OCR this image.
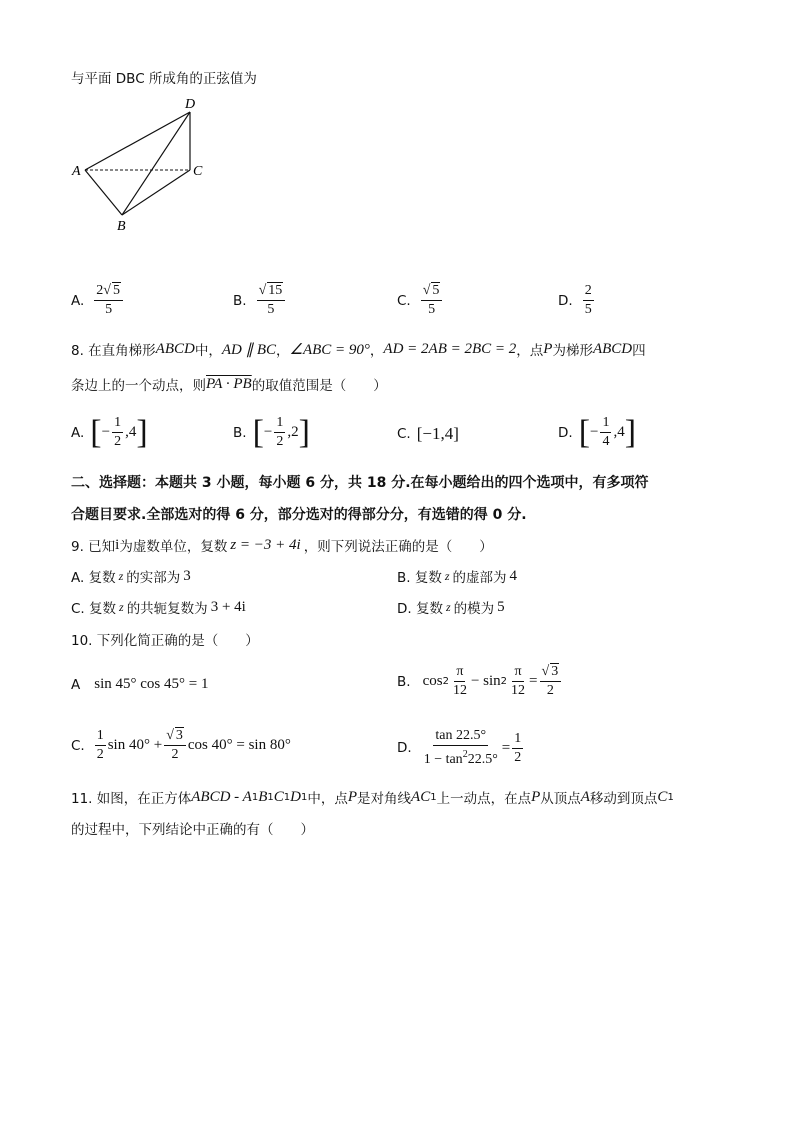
与平面 DBC 所成角的正弦值为
D
A	C
B
A. $\frac{2√ 5}{5}$	B. $\frac{√ 15}{5}$	C. $\frac{√ 5}{5}$	D. $\frac{2}{5}$
8. 在直角梯形 ABCD 中， AD ∥ BC ， ∠ABC = 90° ， AD = 2AB = 2BC = 2 ，点 P 为梯形 ABCD 四
条边上的一个动点，则 PA · PB 的取值范围是（　　）
A. [ − $\frac{1}{2} ,4$ ]	B. [ − $\frac{1}{2} ,2$ ]	C. [−1,4]	D. [ − $\frac{1}{4} ,4$ ]
二、选择题：本题共 3 小题，每小题 6 分，共 18 分.在每小题给出的四个选项中，有多项符
合题目要求.全部选对的得 6 分，部分选对的得部分分，有选错的得 0 分.
9. 已知 i 为虚数单位，复数 z = −3 + 4i ，则下列说法正确的是（　　）
A. 复数 z 的实部为 3	B. 复数 z 的虚部为 4
C. 复数 z 的共轭复数为 3 + 4i	D. 复数 z 的模为 5
10. 下列化简正确的是（　　）
A sin 45° cos 45° = 1	B. $\cos 2 \frac{\pi}{12} - \sin 2 \frac{\pi}{12} = \frac{√ 3}{2}$
C. $\frac{1}{2}$ $\sin 40^\circ + \frac{√ 3}{2}$ cos 40° = sin 80°	D. $\frac{\tan 22.5^\circ}{1 - \tan^222.5^\circ} = \frac{1}{2}$
11. 如图，在正方体 ABCD - A 1 B 1 C 1 D 1 中，点 P 是对角线 AC 1 上一动点，在点 P 从顶点 A 移动到顶点 C 1
的过程中，下列结论中正确的有（　　）
